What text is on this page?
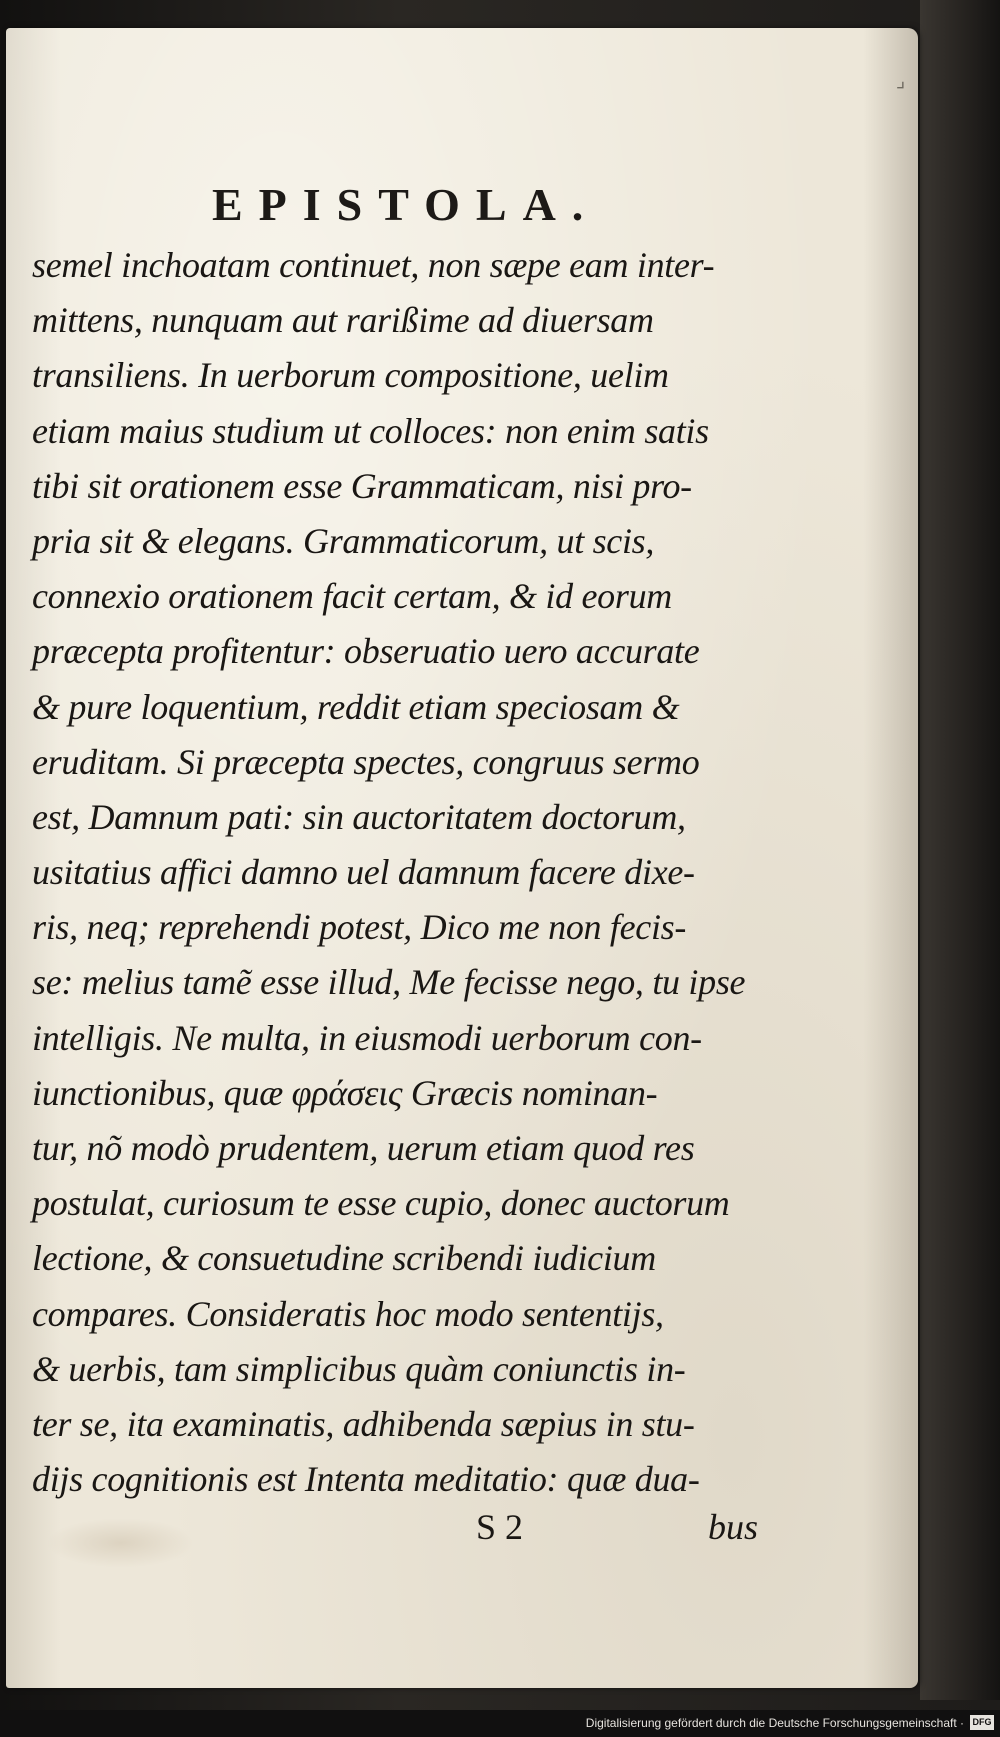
⌟
EPISTOLA.
semel inchoatam continuet, non sæpe eam inter-
mittens, nunquam aut rarißime ad diuersam
transiliens. In uerborum compositione, uelim
etiam maius studium ut colloces: non enim satis
tibi sit orationem esse Grammaticam, nisi pro-
pria sit & elegans. Grammaticorum, ut scis,
connexio orationem facit certam, & id eorum
præcepta profitentur: obseruatio uero accurate
& pure loquentium, reddit etiam speciosam &
eruditam. Si præcepta spectes, congruus sermo
est, Damnum pati: sin auctoritatem doctorum,
usitatius affici damno uel damnum facere dixe-
ris, neq; reprehendi potest, Dico me non fecis-
se: melius tamẽ esse illud, Me fecisse nego, tu ipse
intelligis. Ne multa, in eiusmodi uerborum con-
iunctionibus, quæ φράσεις Græcis nominan-
tur, nõ modò prudentem, uerum etiam quod res
postulat, curiosum te esse cupio, donec auctorum
lectione, & consuetudine scribendi iudicium
compares. Consideratis hoc modo sententijs,
& uerbis, tam simplicibus quàm coniunctis in-
ter se, ita examinatis, adhibenda sæpius in stu-
dijs cognitionis est Intenta meditatio: quæ dua-
S 2	bus
Digitalisierung gefördert durch die Deutsche Forschungsgemeinschaft · DFG
